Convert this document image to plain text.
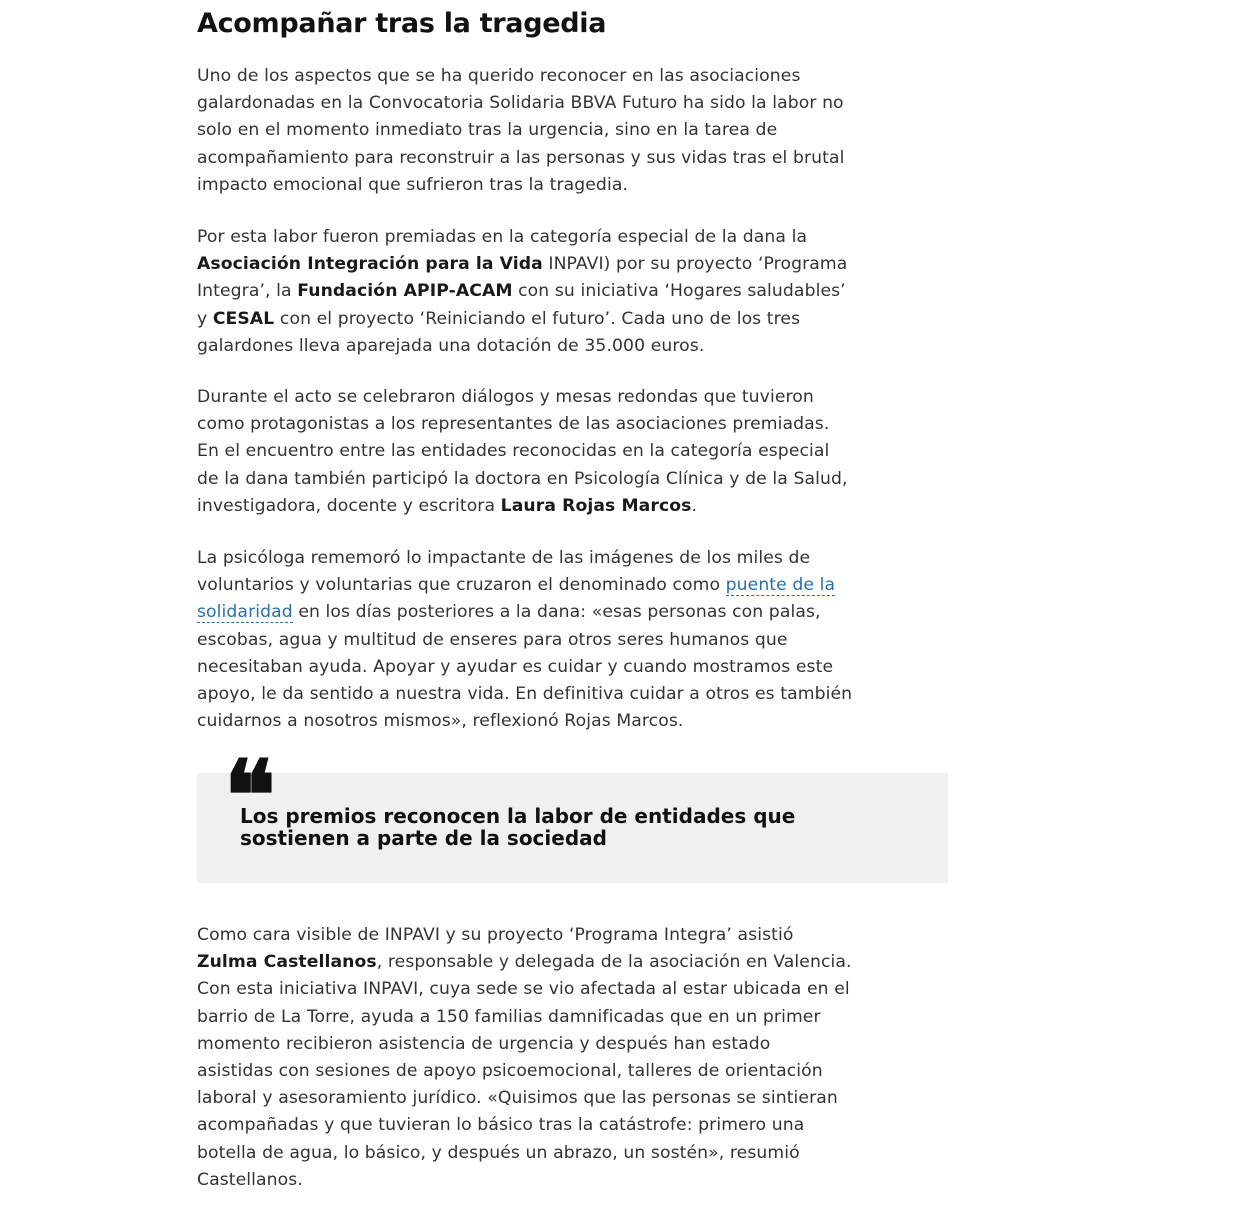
Acompañar tras la tragedia

Uno de los aspectos que se ha querido reconocer en las asociaciones
galardonadas en la Convocatoria Solidaria BBVA Futuro ha sido la labor no
solo en el momento inmediato tras la urgencia, sino en la tarea de
acompañamiento para reconstruir a las personas y sus vidas tras el brutal
impacto emocional que sufrieron tras la tragedia.

Por esta labor fueron premiadas en la categoría especial de la dana la
Asociación Integración para la Vida INPAVI) por su proyecto ‘Programa
Integra’, la Fundación APIP-ACAM con su iniciativa ‘Hogares saludables’
y CESAL con el proyecto ‘Reiniciando el futuro’. Cada uno de los tres
galardones lleva aparejada una dotación de 35.000 euros.

Durante el acto se celebraron diálogos y mesas redondas que tuvieron
como protagonistas a los representantes de las asociaciones premiadas.
En el encuentro entre las entidades reconocidas en la categoría especial
de la dana también participó la doctora en Psicología Clínica y de la Salud,
investigadora, docente y escritora Laura Rojas Marcos.

La psicóloga rememoró lo impactante de las imágenes de los miles de
voluntarios y voluntarias que cruzaron el denominado como puente de la
solidaridad en los días posteriores a la dana: «esas personas con palas,
escobas, agua y multitud de enseres para otros seres humanos que
necesitaban ayuda. Apoyar y ayudar es cuidar y cuando mostramos este
apoyo, le da sentido a nuestra vida. En definitiva cuidar a otros es también
cuidarnos a nosotros mismos», reflexionó Rojas Marcos.

❝

Los premios reconocen la labor de entidades que
sostienen a parte de la sociedad

Como cara visible de INPAVI y su proyecto ‘Programa Integra’ asistió
Zulma Castellanos, responsable y delegada de la asociación en Valencia.
Con esta iniciativa INPAVI, cuya sede se vio afectada al estar ubicada en el
barrio de La Torre, ayuda a 150 familias damnificadas que en un primer
momento recibieron asistencia de urgencia y después han estado
asistidas con sesiones de apoyo psicoemocional, talleres de orientación
laboral y asesoramiento jurídico. «Quisimos que las personas se sintieran
acompañadas y que tuvieran lo básico tras la catástrofe: primero una
botella de agua, lo básico, y después un abrazo, un sostén», resumió
Castellanos.
